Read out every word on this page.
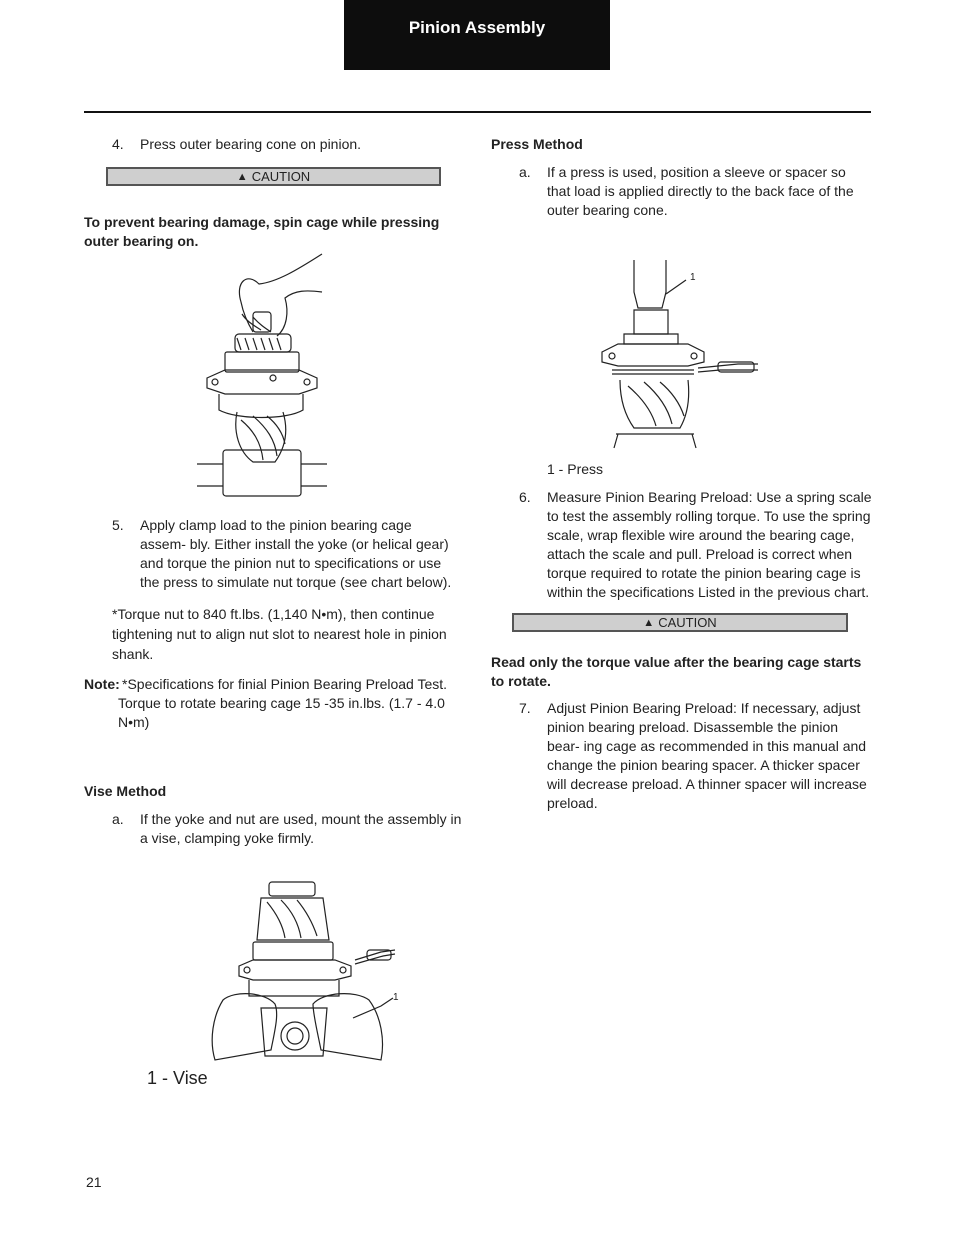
Pinion Assembly
4.	Press outer bearing cone on pinion.
▲ CAUTION
To prevent bearing damage, spin cage while pressing outer bearing on.
5.	Apply clamp load to the pinion bearing cage assem- bly. Either install the yoke (or helical gear) and torque the pinion nut to specifications or use the press to simulate nut torque (see chart below).
*Torque nut to 840 ft.lbs. (1,140 N•m), then continue tightening nut to align nut slot to nearest hole in pinion shank.
Note: *Specifications for finial Pinion Bearing Preload Test. Torque to rotate bearing cage 15 -35 in.lbs. (1.7 - 4.0 N•m)
Vise Method
a.	If the yoke and nut are used, mount the assembly in a vise, clamping yoke firmly.
1
1 - Vise
Press Method
a.	If a press is used, position a sleeve or spacer so that load is applied directly to the back face of the outer bearing cone.
1
1 - Press
6.	Measure Pinion Bearing Preload: Use a spring scale to test the assembly rolling torque. To use the spring scale, wrap flexible wire around the bearing cage, attach the scale and pull. Preload is correct when torque required to rotate the pinion bearing cage is within the specifications Listed in the previous chart.
▲ CAUTION
Read only the torque value after the bearing cage starts to rotate.
7.	Adjust Pinion Bearing Preload: If necessary, adjust pinion bearing preload. Disassemble the pinion bear- ing cage as recommended in this manual and change the pinion bearing spacer. A thicker spacer will decrease preload. A thinner spacer will increase preload.
21
